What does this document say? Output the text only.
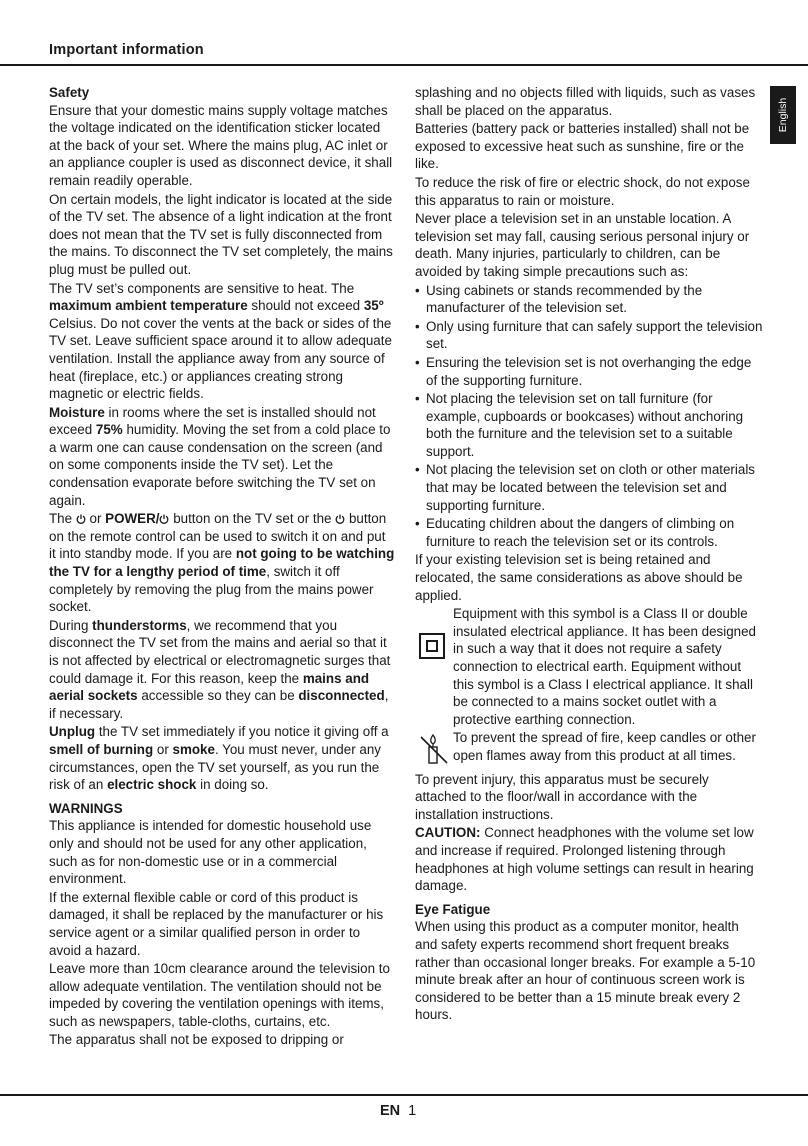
Important information
English
Safety

Ensure that your domestic mains supply voltage matches the voltage indicated on the identification sticker located at the back of your set. Where the mains plug, AC inlet or an appliance coupler is used as disconnect device, it shall remain readily operable.

On certain models, the light indicator is located at the side of the TV set. The absence of a light indication at the front does not mean that the TV set is fully disconnected from the mains. To disconnect the TV set completely, the mains plug must be pulled out.

The TV set’s components are sensitive to heat. The maximum ambient temperature should not exceed 35º Celsius. Do not cover the vents at the back or sides of the TV set. Leave sufficient space around it to allow adequate ventilation. Install the appliance away from any source of heat (fireplace, etc.) or appliances creating strong magnetic or electric fields.

Moisture in rooms where the set is installed should not exceed 75% humidity. Moving the set from a cold place to a warm one can cause condensation on the screen (and on some components inside the TV set). Let the condensation evaporate before switching the TV set on again.

The  or POWER/ button on the TV set or the  button on the remote control can be used to switch it on and put it into standby mode. If you are not going to be watching the TV for a lengthy period of time, switch it off completely by removing the plug from the mains power socket.

During thunderstorms, we recommend that you disconnect the TV set from the mains and aerial so that it is not affected by electrical or electromagnetic surges that could damage it. For this reason, keep the mains and aerial sockets accessible so they can be disconnected, if necessary.

Unplug the TV set immediately if you notice it giving off a smell of burning or smoke. You must never, under any circumstances, open the TV set yourself, as you run the risk of an electric shock in doing so.

WARNINGS

This appliance is intended for domestic household use only and should not be used for any other application, such as for non-domestic use or in a commercial environment.

If the external flexible cable or cord of this product is damaged, it shall be replaced by the manufacturer or his service agent or a similar qualified person in order to avoid a hazard.

Leave more than 10cm clearance around the television to allow adequate ventilation. The ventilation should not be impeded by covering the ventilation openings with items, such as newspapers, table-cloths, curtains, etc.

The apparatus shall not be exposed to dripping or

splashing and no objects filled with liquids, such as vases shall be placed on the apparatus.

Batteries (battery pack or batteries installed) shall not be exposed to excessive heat such as sunshine, fire or the like.

To reduce the risk of fire or electric shock, do not expose this apparatus to rain or moisture.

Never place a television set in an unstable location. A television set may fall, causing serious personal injury or death. Many injuries, particularly to children, can be avoided by taking simple precautions such as:

• Using cabinets or stands recommended by the manufacturer of the television set.
• Only using furniture that can safely support the television set.
• Ensuring the television set is not overhanging the edge of the supporting furniture.
• Not placing the television set on tall furniture (for example, cupboards or bookcases) without anchoring both the furniture and the television set to a suitable support.
• Not placing the television set on cloth or other materials that may be located between the television set and supporting furniture.
• Educating children about the dangers of climbing on furniture to reach the television set or its controls.

If your existing television set is being retained and relocated, the same considerations as above should be applied.

Equipment with this symbol is a Class II or double insulated electrical appliance. It has been designed in such a way that it does not require a safety connection to electrical earth. Equipment without this symbol is a Class I electrical appliance. It shall be connected to a mains socket outlet with a protective earthing connection.
To prevent the spread of fire, keep candles or other open flames away from this product at all times.

To prevent injury, this apparatus must be securely attached to the floor/wall in accordance with the installation instructions.

CAUTION: Connect headphones with the volume set low and increase if required. Prolonged listening through headphones at high volume settings can result in hearing damage.

Eye Fatigue

When using this product as a computer monitor, health and safety experts recommend short frequent breaks rather than occasional longer breaks. For example a 5-10 minute break after an hour of continuous screen work is considered to be better than a 15 minute break every 2 hours.

EN 1
